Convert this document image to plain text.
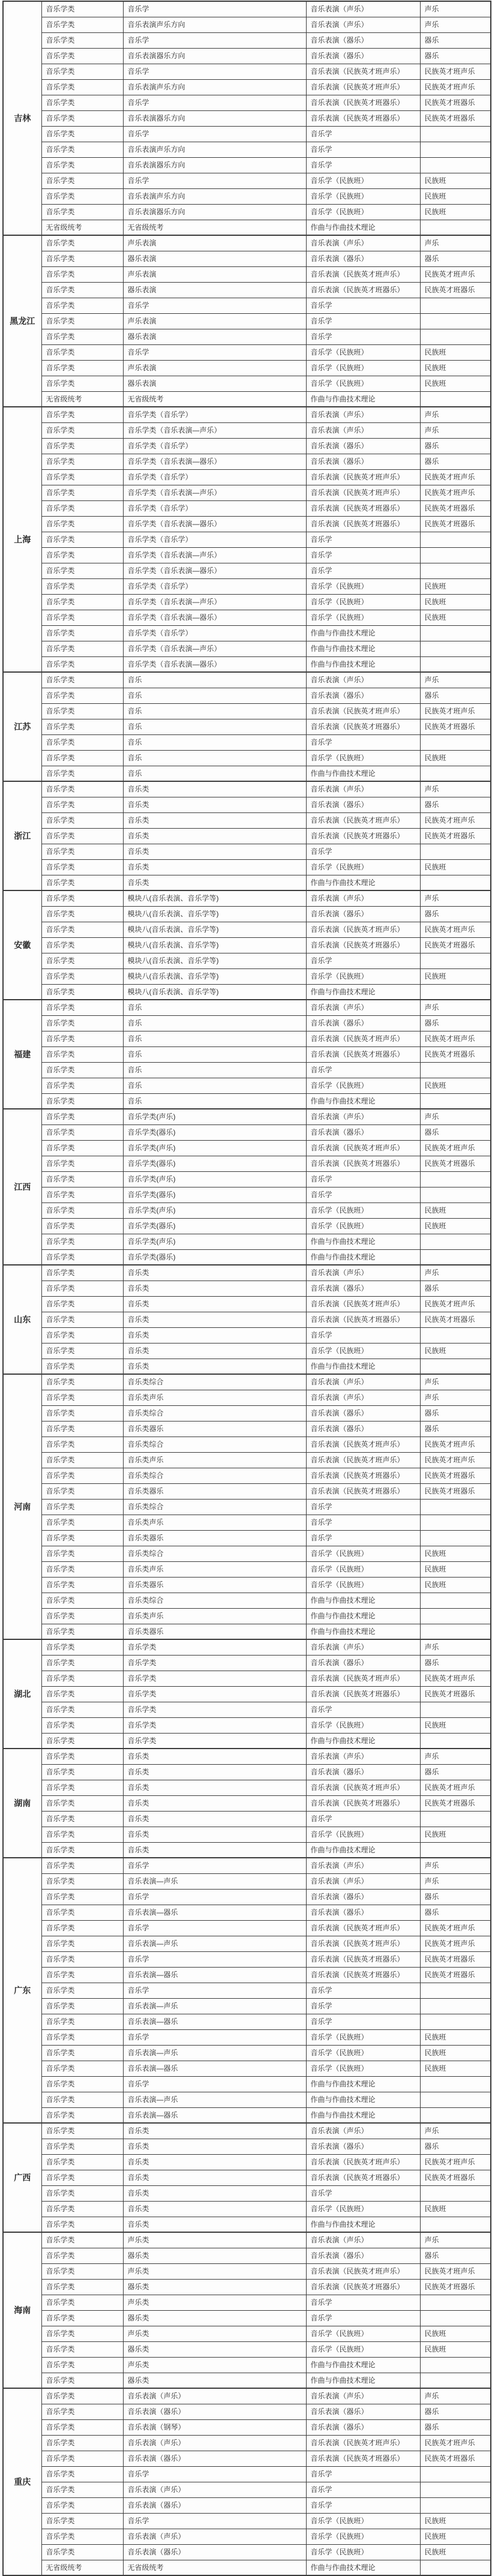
吉林	音乐学类	音乐学	音乐表演（声乐）	声乐
	音乐学类	音乐表演声乐方向	音乐表演（声乐）	声乐
	音乐学类	音乐学	音乐表演（器乐）	器乐
	音乐学类	音乐表演器乐方向	音乐表演（器乐）	器乐
	音乐学类	音乐学	音乐表演（民族英才班声乐）	民族英才班声乐
	音乐学类	音乐表演声乐方向	音乐表演（民族英才班声乐）	民族英才班声乐
	音乐学类	音乐学	音乐表演（民族英才班器乐）	民族英才班器乐
	音乐学类	音乐表演器乐方向	音乐表演（民族英才班器乐）	民族英才班器乐
	音乐学类	音乐学	音乐学	
	音乐学类	音乐表演声乐方向	音乐学	
	音乐学类	音乐表演器乐方向	音乐学	
	音乐学类	音乐学	音乐学（民族班）	民族班
	音乐学类	音乐表演声乐方向	音乐学（民族班）	民族班
	音乐学类	音乐表演器乐方向	音乐学（民族班）	民族班
	无省级统考	无省级统考	作曲与作曲技术理论	
黑龙江	音乐学类	声乐表演	音乐表演（声乐）	声乐
	音乐学类	器乐表演	音乐表演（器乐）	器乐
	音乐学类	声乐表演	音乐表演（民族英才班声乐）	民族英才班声乐
	音乐学类	器乐表演	音乐表演（民族英才班器乐）	民族英才班器乐
	音乐学类	音乐学	音乐学	
	音乐学类	声乐表演	音乐学	
	音乐学类	器乐表演	音乐学	
	音乐学类	音乐学	音乐学（民族班）	民族班
	音乐学类	声乐表演	音乐学（民族班）	民族班
	音乐学类	器乐表演	音乐学（民族班）	民族班
	无省级统考	无省级统考	作曲与作曲技术理论	
上海	音乐学类	音乐学类（音乐学）	音乐表演（声乐）	声乐
	音乐学类	音乐学类（音乐表演—声乐）	音乐表演（声乐）	声乐
	音乐学类	音乐学类（音乐学）	音乐表演（器乐）	器乐
	音乐学类	音乐学类（音乐表演—器乐）	音乐表演（器乐）	器乐
	音乐学类	音乐学类（音乐学）	音乐表演（民族英才班声乐）	民族英才班声乐
	音乐学类	音乐学类（音乐表演—声乐）	音乐表演（民族英才班声乐）	民族英才班声乐
	音乐学类	音乐学类（音乐学）	音乐表演（民族英才班器乐）	民族英才班器乐
	音乐学类	音乐学类（音乐表演—器乐）	音乐表演（民族英才班器乐）	民族英才班器乐
	音乐学类	音乐学类（音乐学）	音乐学	
	音乐学类	音乐学类（音乐表演—声乐）	音乐学	
	音乐学类	音乐学类（音乐表演—器乐）	音乐学	
	音乐学类	音乐学类（音乐学）	音乐学（民族班）	民族班
	音乐学类	音乐学类（音乐表演—声乐）	音乐学（民族班）	民族班
	音乐学类	音乐学类（音乐表演—器乐）	音乐学（民族班）	民族班
	音乐学类	音乐学类（音乐学）	作曲与作曲技术理论	
	音乐学类	音乐学类（音乐表演—声乐）	作曲与作曲技术理论	
	音乐学类	音乐学类（音乐表演—器乐）	作曲与作曲技术理论	
江苏	音乐学类	音乐	音乐表演（声乐）	声乐
	音乐学类	音乐	音乐表演（器乐）	器乐
	音乐学类	音乐	音乐表演（民族英才班声乐）	民族英才班声乐
	音乐学类	音乐	音乐表演（民族英才班器乐）	民族英才班器乐
	音乐学类	音乐	音乐学	
	音乐学类	音乐	音乐学（民族班）	民族班
	音乐学类	音乐	作曲与作曲技术理论	
浙江	音乐学类	音乐类	音乐表演（声乐）	声乐
	音乐学类	音乐类	音乐表演（器乐）	器乐
	音乐学类	音乐类	音乐表演（民族英才班声乐）	民族英才班声乐
	音乐学类	音乐类	音乐表演（民族英才班器乐）	民族英才班器乐
	音乐学类	音乐类	音乐学	
	音乐学类	音乐类	音乐学（民族班）	民族班
	音乐学类	音乐类	作曲与作曲技术理论	
安徽	音乐学类	模块八(音乐表演、音乐学等)	音乐表演（声乐）	声乐
	音乐学类	模块八(音乐表演、音乐学等)	音乐表演（器乐）	器乐
	音乐学类	模块八(音乐表演、音乐学等)	音乐表演（民族英才班声乐）	民族英才班声乐
	音乐学类	模块八(音乐表演、音乐学等)	音乐表演（民族英才班器乐）	民族英才班器乐
	音乐学类	模块八(音乐表演、音乐学等)	音乐学	
	音乐学类	模块八(音乐表演、音乐学等)	音乐学（民族班）	民族班
	音乐学类	模块八(音乐表演、音乐学等)	作曲与作曲技术理论	
福建	音乐学类	音乐	音乐表演（声乐）	声乐
	音乐学类	音乐	音乐表演（器乐）	器乐
	音乐学类	音乐	音乐表演（民族英才班声乐）	民族英才班声乐
	音乐学类	音乐	音乐表演（民族英才班器乐）	民族英才班器乐
	音乐学类	音乐	音乐学	
	音乐学类	音乐	音乐学（民族班）	民族班
	音乐学类	音乐	作曲与作曲技术理论	
江西	音乐学类	音乐学类(声乐)	音乐表演（声乐）	声乐
	音乐学类	音乐学类(器乐)	音乐表演（器乐）	器乐
	音乐学类	音乐学类(声乐)	音乐表演（民族英才班声乐）	民族英才班声乐
	音乐学类	音乐学类(器乐)	音乐表演（民族英才班器乐）	民族英才班器乐
	音乐学类	音乐学类(声乐)	音乐学	
	音乐学类	音乐学类(器乐)	音乐学	
	音乐学类	音乐学类(声乐)	音乐学（民族班）	民族班
	音乐学类	音乐学类(器乐)	音乐学（民族班）	民族班
	音乐学类	音乐学类(声乐)	作曲与作曲技术理论	
	音乐学类	音乐学类(器乐)	作曲与作曲技术理论	
山东	音乐学类	音乐类	音乐表演（声乐）	声乐
	音乐学类	音乐类	音乐表演（器乐）	器乐
	音乐学类	音乐类	音乐表演（民族英才班声乐）	民族英才班声乐
	音乐学类	音乐类	音乐表演（民族英才班器乐）	民族英才班器乐
	音乐学类	音乐类	音乐学	
	音乐学类	音乐类	音乐学（民族班）	民族班
	音乐学类	音乐类	作曲与作曲技术理论	
河南	音乐学类	音乐类综合	音乐表演（声乐）	声乐
	音乐学类	音乐类声乐	音乐表演（声乐）	声乐
	音乐学类	音乐类综合	音乐表演（器乐）	器乐
	音乐学类	音乐类器乐	音乐表演（器乐）	器乐
	音乐学类	音乐类综合	音乐表演（民族英才班声乐）	民族英才班声乐
	音乐学类	音乐类声乐	音乐表演（民族英才班声乐）	民族英才班声乐
	音乐学类	音乐类综合	音乐表演（民族英才班器乐）	民族英才班器乐
	音乐学类	音乐类器乐	音乐表演（民族英才班器乐）	民族英才班器乐
	音乐学类	音乐类综合	音乐学	
	音乐学类	音乐类声乐	音乐学	
	音乐学类	音乐类器乐	音乐学	
	音乐学类	音乐类综合	音乐学（民族班）	民族班
	音乐学类	音乐类声乐	音乐学（民族班）	民族班
	音乐学类	音乐类器乐	音乐学（民族班）	民族班
	音乐学类	音乐类综合	作曲与作曲技术理论	
	音乐学类	音乐类声乐	作曲与作曲技术理论	
	音乐学类	音乐类器乐	作曲与作曲技术理论	
湖北	音乐学类	音乐学类	音乐表演（声乐）	声乐
	音乐学类	音乐学类	音乐表演（器乐）	器乐
	音乐学类	音乐学类	音乐表演（民族英才班声乐）	民族英才班声乐
	音乐学类	音乐学类	音乐表演（民族英才班器乐）	民族英才班器乐
	音乐学类	音乐学类	音乐学	
	音乐学类	音乐学类	音乐学（民族班）	民族班
	音乐学类	音乐学类	作曲与作曲技术理论	
湖南	音乐学类	音乐类	音乐表演（声乐）	声乐
	音乐学类	音乐类	音乐表演（器乐）	器乐
	音乐学类	音乐类	音乐表演（民族英才班声乐）	民族英才班声乐
	音乐学类	音乐类	音乐表演（民族英才班器乐）	民族英才班器乐
	音乐学类	音乐类	音乐学	
	音乐学类	音乐类	音乐学（民族班）	民族班
	音乐学类	音乐类	作曲与作曲技术理论	
广东	音乐学类	音乐学	音乐表演（声乐）	声乐
	音乐学类	音乐表演—声乐	音乐表演（声乐）	声乐
	音乐学类	音乐学	音乐表演（器乐）	器乐
	音乐学类	音乐表演—器乐	音乐表演（器乐）	器乐
	音乐学类	音乐学	音乐表演（民族英才班声乐）	民族英才班声乐
	音乐学类	音乐表演—声乐	音乐表演（民族英才班声乐）	民族英才班声乐
	音乐学类	音乐学	音乐表演（民族英才班器乐）	民族英才班器乐
	音乐学类	音乐表演—器乐	音乐表演（民族英才班器乐）	民族英才班器乐
	音乐学类	音乐学	音乐学	
	音乐学类	音乐表演—声乐	音乐学	
	音乐学类	音乐表演—器乐	音乐学	
	音乐学类	音乐学	音乐学（民族班）	民族班
	音乐学类	音乐表演—声乐	音乐学（民族班）	民族班
	音乐学类	音乐表演—器乐	音乐学（民族班）	民族班
	音乐学类	音乐学	作曲与作曲技术理论	
	音乐学类	音乐表演—声乐	作曲与作曲技术理论	
	音乐学类	音乐表演—器乐	作曲与作曲技术理论	
广西	音乐学类	音乐类	音乐表演（声乐）	声乐
	音乐学类	音乐类	音乐表演（器乐）	器乐
	音乐学类	音乐类	音乐表演（民族英才班声乐）	民族英才班声乐
	音乐学类	音乐类	音乐表演（民族英才班器乐）	民族英才班器乐
	音乐学类	音乐类	音乐学	
	音乐学类	音乐类	音乐学（民族班）	民族班
	音乐学类	音乐类	作曲与作曲技术理论	
海南	音乐学类	声乐类	音乐表演（声乐）	声乐
	音乐学类	器乐类	音乐表演（器乐）	器乐
	音乐学类	声乐类	音乐表演（民族英才班声乐）	民族英才班声乐
	音乐学类	器乐类	音乐表演（民族英才班器乐）	民族英才班器乐
	音乐学类	声乐类	音乐学	
	音乐学类	器乐类	音乐学	
	音乐学类	声乐类	音乐学（民族班）	民族班
	音乐学类	器乐类	音乐学（民族班）	民族班
	音乐学类	声乐类	作曲与作曲技术理论	
	音乐学类	器乐类	作曲与作曲技术理论	
重庆	音乐学类	音乐表演（声乐）	音乐表演（声乐）	声乐
	音乐学类	音乐表演（器乐）	音乐表演（器乐）	器乐
	音乐学类	音乐表演（钢琴）	音乐表演（器乐）	器乐
	音乐学类	音乐表演（声乐）	音乐表演（民族英才班声乐）	民族英才班声乐
	音乐学类	音乐表演（器乐）	音乐表演（民族英才班器乐）	民族英才班器乐
	音乐学类	音乐学	音乐学	
	音乐学类	音乐表演（声乐）	音乐学	
	音乐学类	音乐表演（器乐）	音乐学	
	音乐学类	音乐学	音乐学（民族班）	民族班
	音乐学类	音乐表演（声乐）	音乐学（民族班）	民族班
	音乐学类	音乐表演（器乐）	音乐学（民族班）	民族班
	无省级统考	无省级统考	作曲与作曲技术理论	
